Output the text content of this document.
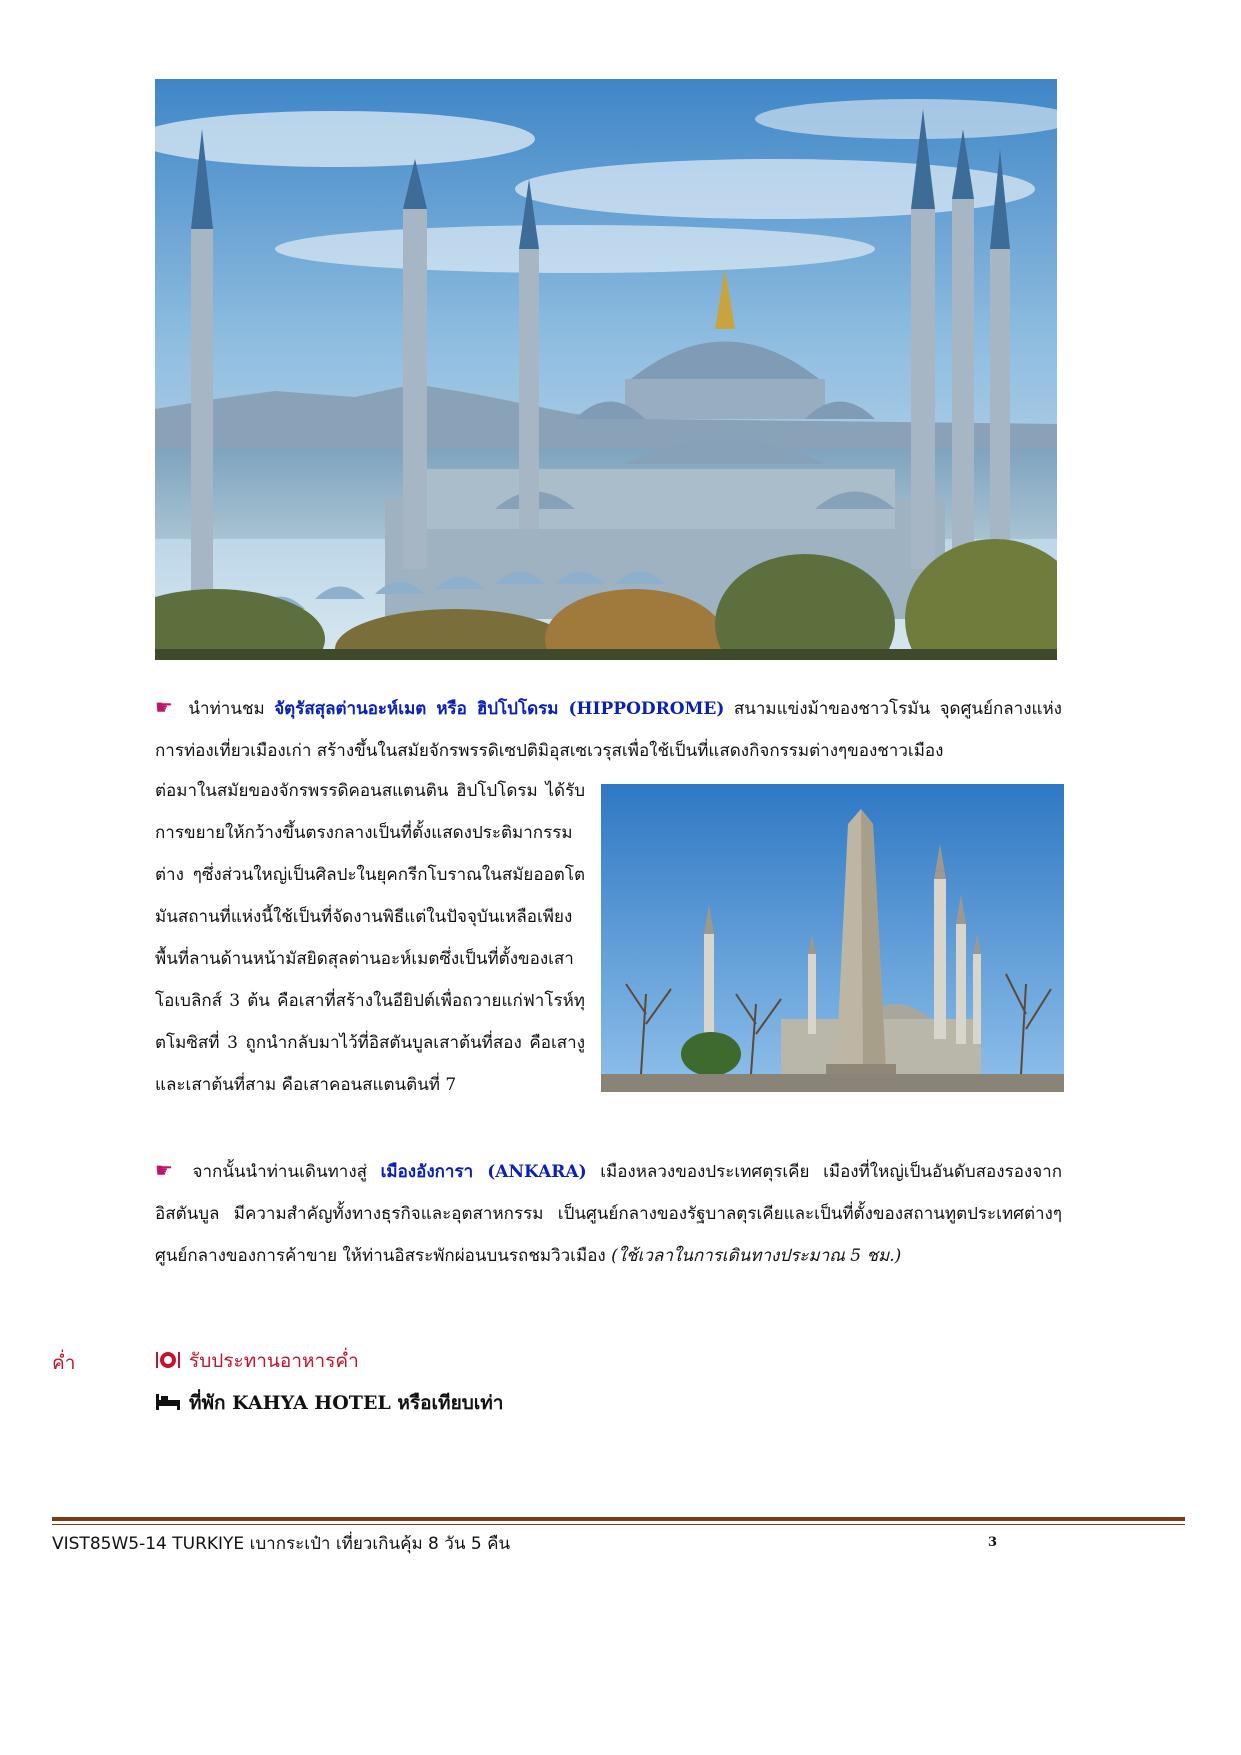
☛ นำท่านชม จัตุรัสสุลต่านอะห์เมต หรือ ฮิปโปโดรม (HIPPODROME) สนามแข่งม้าของชาวโรมัน จุดศูนย์กลางแห่งการท่องเที่ยวเมืองเก่า สร้างขึ้นในสมัยจักรพรรดิเซปติมิอุสเซเวรุสเพื่อใช้เป็นที่แสดงกิจกรรมต่างๆของชาวเมือง

ต่อมาในสมัยของจักรพรรดิคอนสแตนติน ฮิปโปโดรม ได้รับการขยายให้กว้างขึ้นตรงกลางเป็นที่ตั้งแสดงประติมากรรมต่าง ๆซึ่งส่วนใหญ่เป็นศิลปะในยุคกรีกโบราณในสมัยออตโตมันสถานที่แห่งนี้ใช้เป็นที่จัดงานพิธีแต่ในปัจจุบันเหลือเพียงพื้นที่ลานด้านหน้ามัสยิดสุลต่านอะห์เมตซึ่งเป็นที่ตั้งของเสาโอเบลิกส์ 3 ต้น คือเสาที่สร้างในอียิปต์เพื่อถวายแก่ฟาโรห์ทุตโมซิสที่ 3 ถูกนำกลับมาไว้ที่อิสตันบูลเสาต้นที่สอง คือเสางู และเสาต้นที่สาม คือเสาคอนสแตนตินที่ 7

☛ จากนั้นนำท่านเดินทางสู่ เมืองอังการา (ANKARA) เมืองหลวงของประเทศตุรเคีย เมืองที่ใหญ่เป็นอันดับสองรองจากอิสตันบูล มีความสำคัญทั้งทางธุรกิจและอุตสาหกรรม เป็นศูนย์กลางของรัฐบาลตุรเคียและเป็นที่ตั้งของสถานทูตประเทศต่างๆ ศูนย์กลางของการค้าขาย ให้ท่านอิสระพักผ่อนบนรถชมวิวเมือง (ใช้เวลาในการเดินทางประมาณ 5 ชม.)

ค่ำ	รับประทานอาหารค่ำ
ที่พัก KAHYA HOTEL หรือเทียบเท่า
VIST85W5-14 TURKIYE เบากระเป๋า เที่ยวเกินคุ้ม 8 วัน 5 คืน	3
